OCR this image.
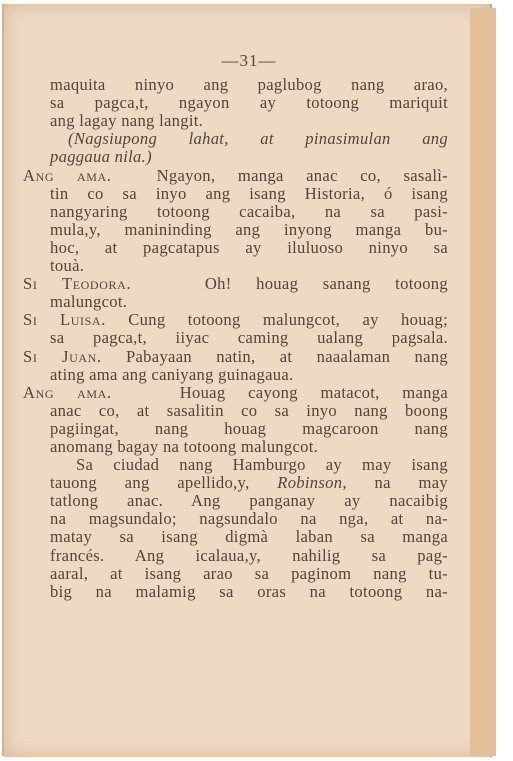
—31—
maquita ninyo ang paglubog nang arao,
sa pagca,t, ngayon ay totoong mariquit
ang lagay nang langit.
(Nagsiupong lahat, at pinasimulan ang
paggaua nila.)
Ang ama.	Ngayon, manga anac co, sasalì-
tin co sa inyo ang isang Historia, ó isang
nangyaring totoong cacaiba, na sa pasi-
mula,y, manininding ang inyong manga bu-
hoc, at pagcatapus ay iluluoso ninyo sa
touà.
Si Teodora.	Oh! houag sanang totoong
malungcot.
Si Luisa. Cung totoong malungcot, ay houag;
sa pagca,t, iiyac caming ualang pagsala.
Si Juan. Pabayaan natin, at naaalaman nang
ating ama ang caniyang guinagaua.
Ang ama.	Houag cayong matacot, manga
anac co, at sasalitin co sa inyo nang boong
pagiingat, nang houag magcaroon nang
anomang bagay na totoong malungcot.
Sa ciudad nang Hamburgo ay may isang
tauong ang apellido,y, Robinson, na may
tatlong anac. Ang panganay ay nacaibig
na magsundalo; nagsundalo na nga, at na-
matay sa isang digmà laban sa manga
francés. Ang icalaua,y, nahilig sa pag-
aaral, at isang arao sa paginom nang tu-
big na malamig sa oras na totoong na-
